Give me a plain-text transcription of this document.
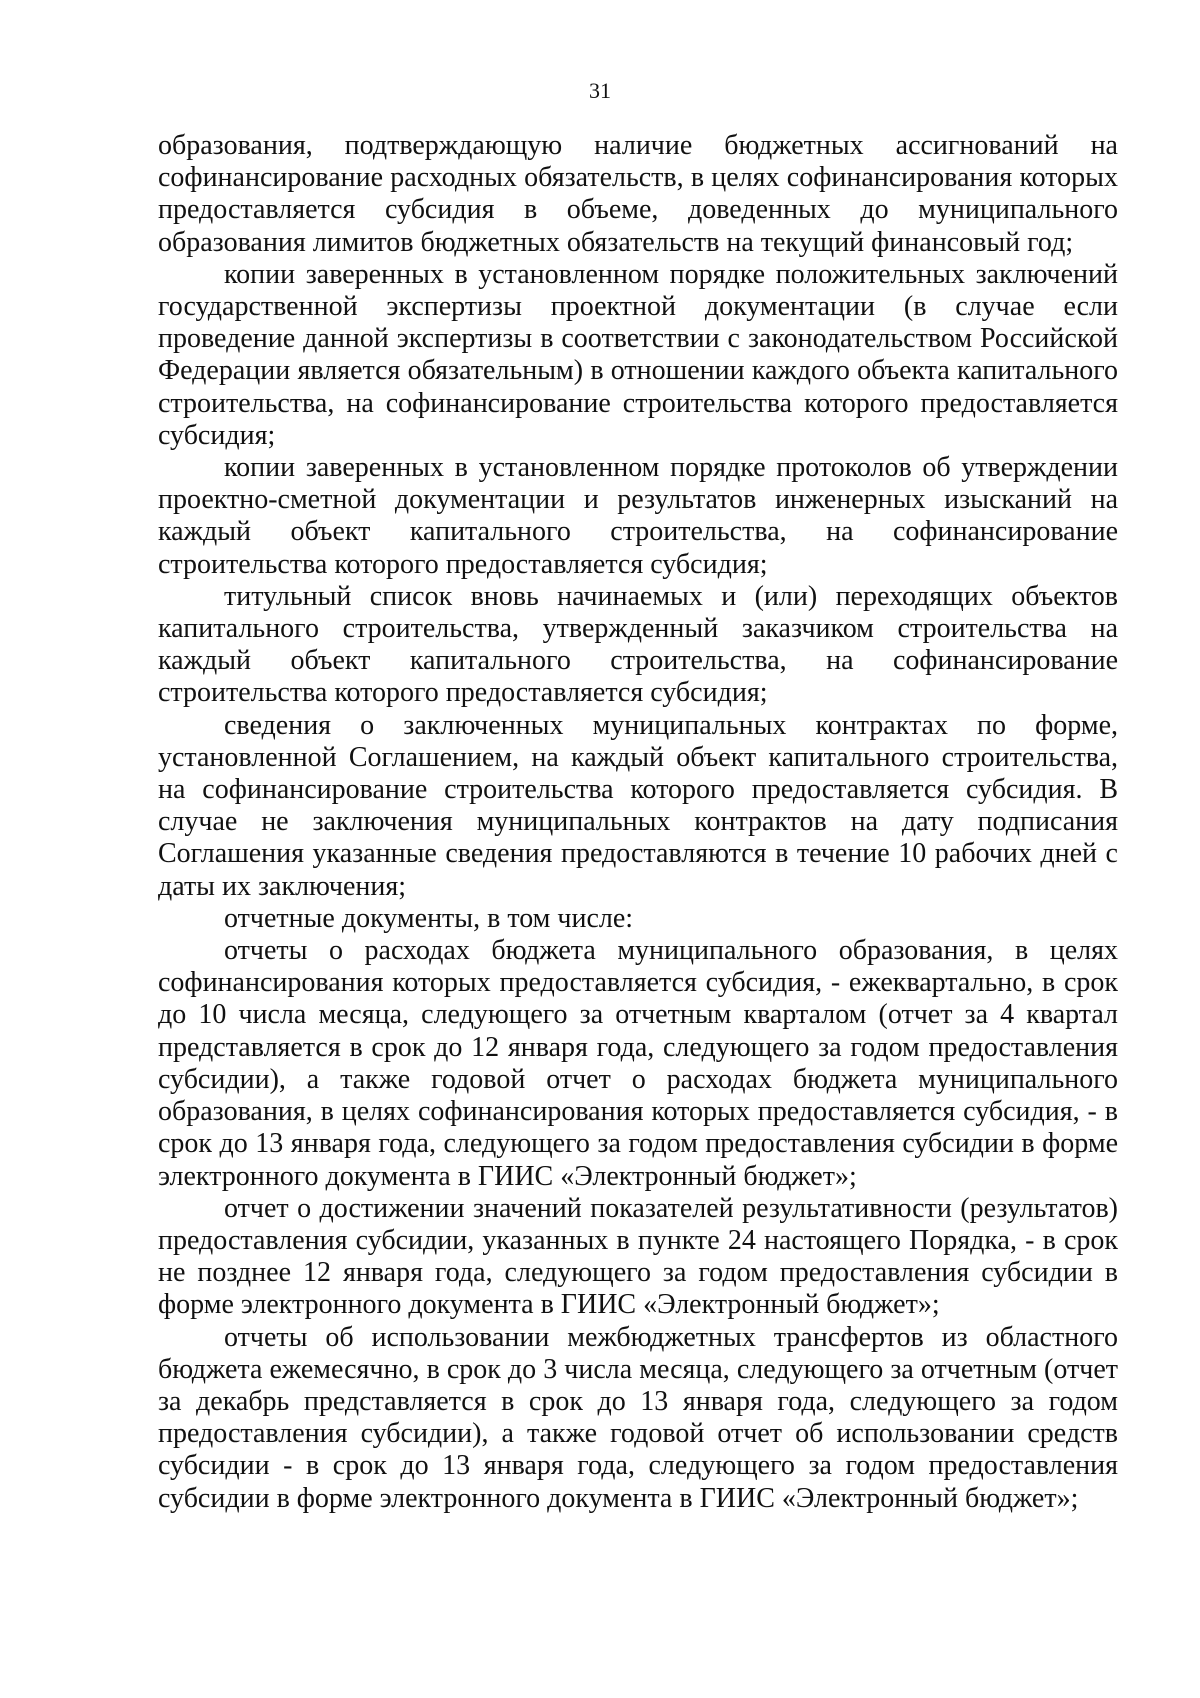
31

образования, подтверждающую наличие бюджетных ассигнований на софинансирование расходных обязательств, в целях софинансирования которых предоставляется субсидия в объеме, доведенных до муниципального образования лимитов бюджетных обязательств на текущий финансовый год;

копии заверенных в установленном порядке положительных заключений государственной экспертизы проектной документации (в случае если проведение данной экспертизы в соответствии с законодательством Российской Федерации является обязательным) в отношении каждого объекта капитального строительства, на софинансирование строительства которого предоставляется субсидия;

копии заверенных в установленном порядке протоколов об утверждении проектно-сметной документации и результатов инженерных изысканий на каждый объект капитального строительства, на софинансирование строительства которого предоставляется субсидия;

титульный список вновь начинаемых и (или) переходящих объектов капитального строительства, утвержденный заказчиком строительства на каждый объект капитального строительства, на софинансирование строительства которого предоставляется субсидия;

сведения о заключенных муниципальных контрактах по форме, установленной Соглашением, на каждый объект капитального строительства, на софинансирование строительства которого предоставляется субсидия. В случае не заключения муниципальных контрактов на дату подписания Соглашения указанные сведения предоставляются в течение 10 рабочих дней с даты их заключения;

отчетные документы, в том числе:

отчеты о расходах бюджета муниципального образования, в целях софинансирования которых предоставляется субсидия, - ежеквартально, в срок до 10 числа месяца, следующего за отчетным кварталом (отчет за 4 квартал представляется в срок до 12 января года, следующего за годом предоставления субсидии), а также годовой отчет о расходах бюджета муниципального образования, в целях софинансирования которых предоставляется субсидия, - в срок до 13 января года, следующего за годом предоставления субсидии в форме электронного документа в ГИИС «Электронный бюджет»;

отчет о достижении значений показателей результативности (результатов) предоставления субсидии, указанных в пункте 24 настоящего Порядка, - в срок не позднее 12 января года, следующего за годом предоставления субсидии в форме электронного документа в ГИИС «Электронный бюджет»;

отчеты об использовании межбюджетных трансфертов из областного бюджета ежемесячно, в срок до 3 числа месяца, следующего за отчетным (отчет за декабрь представляется в срок до 13 января года, следующего за годом предоставления субсидии), а также годовой отчет об использовании средств субсидии - в срок до 13 января года, следующего за годом предоставления субсидии в форме электронного документа в ГИИС «Электронный бюджет»;
